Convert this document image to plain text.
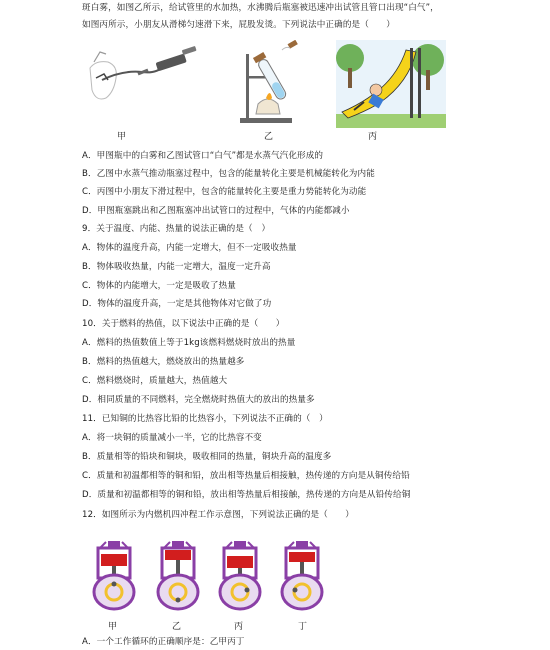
斑白雾，如图乙所示，给试管里的水加热，水沸腾后瓶塞被迅速冲出试管且管口出现“白气”，
如图丙所示，小朋友从滑梯匀速滑下来，屁股发烫。下列说法中正确的是（　　）
甲	乙	丙
A．甲图瓶中的白雾和乙图试管口“白气”都是水蒸气汽化形成的
B．乙图中水蒸气推动瓶塞过程中，包含的能量转化主要是机械能转化为内能
C．丙图中小朋友下滑过程中，包含的能量转化主要是重力势能转化为动能
D．甲图瓶塞跳出和乙图瓶塞冲出试管口的过程中，气体的内能都减小
9．关于温度、内能、热量的说法正确的是（　）
A．物体的温度升高，内能一定增大，但不一定吸收热量
B．物体吸收热量，内能一定增大，温度一定升高
C．物体的内能增大，一定是吸收了热量
D．物体的温度升高，一定是其他物体对它做了功
10．关于燃料的热值，以下说法中正确的是（　　）
A．燃料的热值数值上等于1kg该燃料燃烧时放出的热量
B．燃料的热值越大，燃烧放出的热量越多
C．燃料燃烧时，质量越大，热值越大
D．相同质量的不同燃料，完全燃烧时热值大的放出的热量多
11．已知铜的比热容比铅的比热容小，下列说法不正确的（　）
A．将一块铜的质量减小一半，它的比热容不变
B．质量相等的铅块和铜块，吸收相同的热量，铜块升高的温度多
C．质量和初温都相等的铜和铅，放出相等热量后相接触，热传递的方向是从铜传给铅
D．质量和初温都相等的铜和铅，放出相等热量后相接触，热传递的方向是从铅传给铜
12．如图所示为内燃机四冲程工作示意图，下列说法正确的是（　　）
甲	乙	丙	丁
A．一个工作循环的正确顺序是：乙甲丙丁
